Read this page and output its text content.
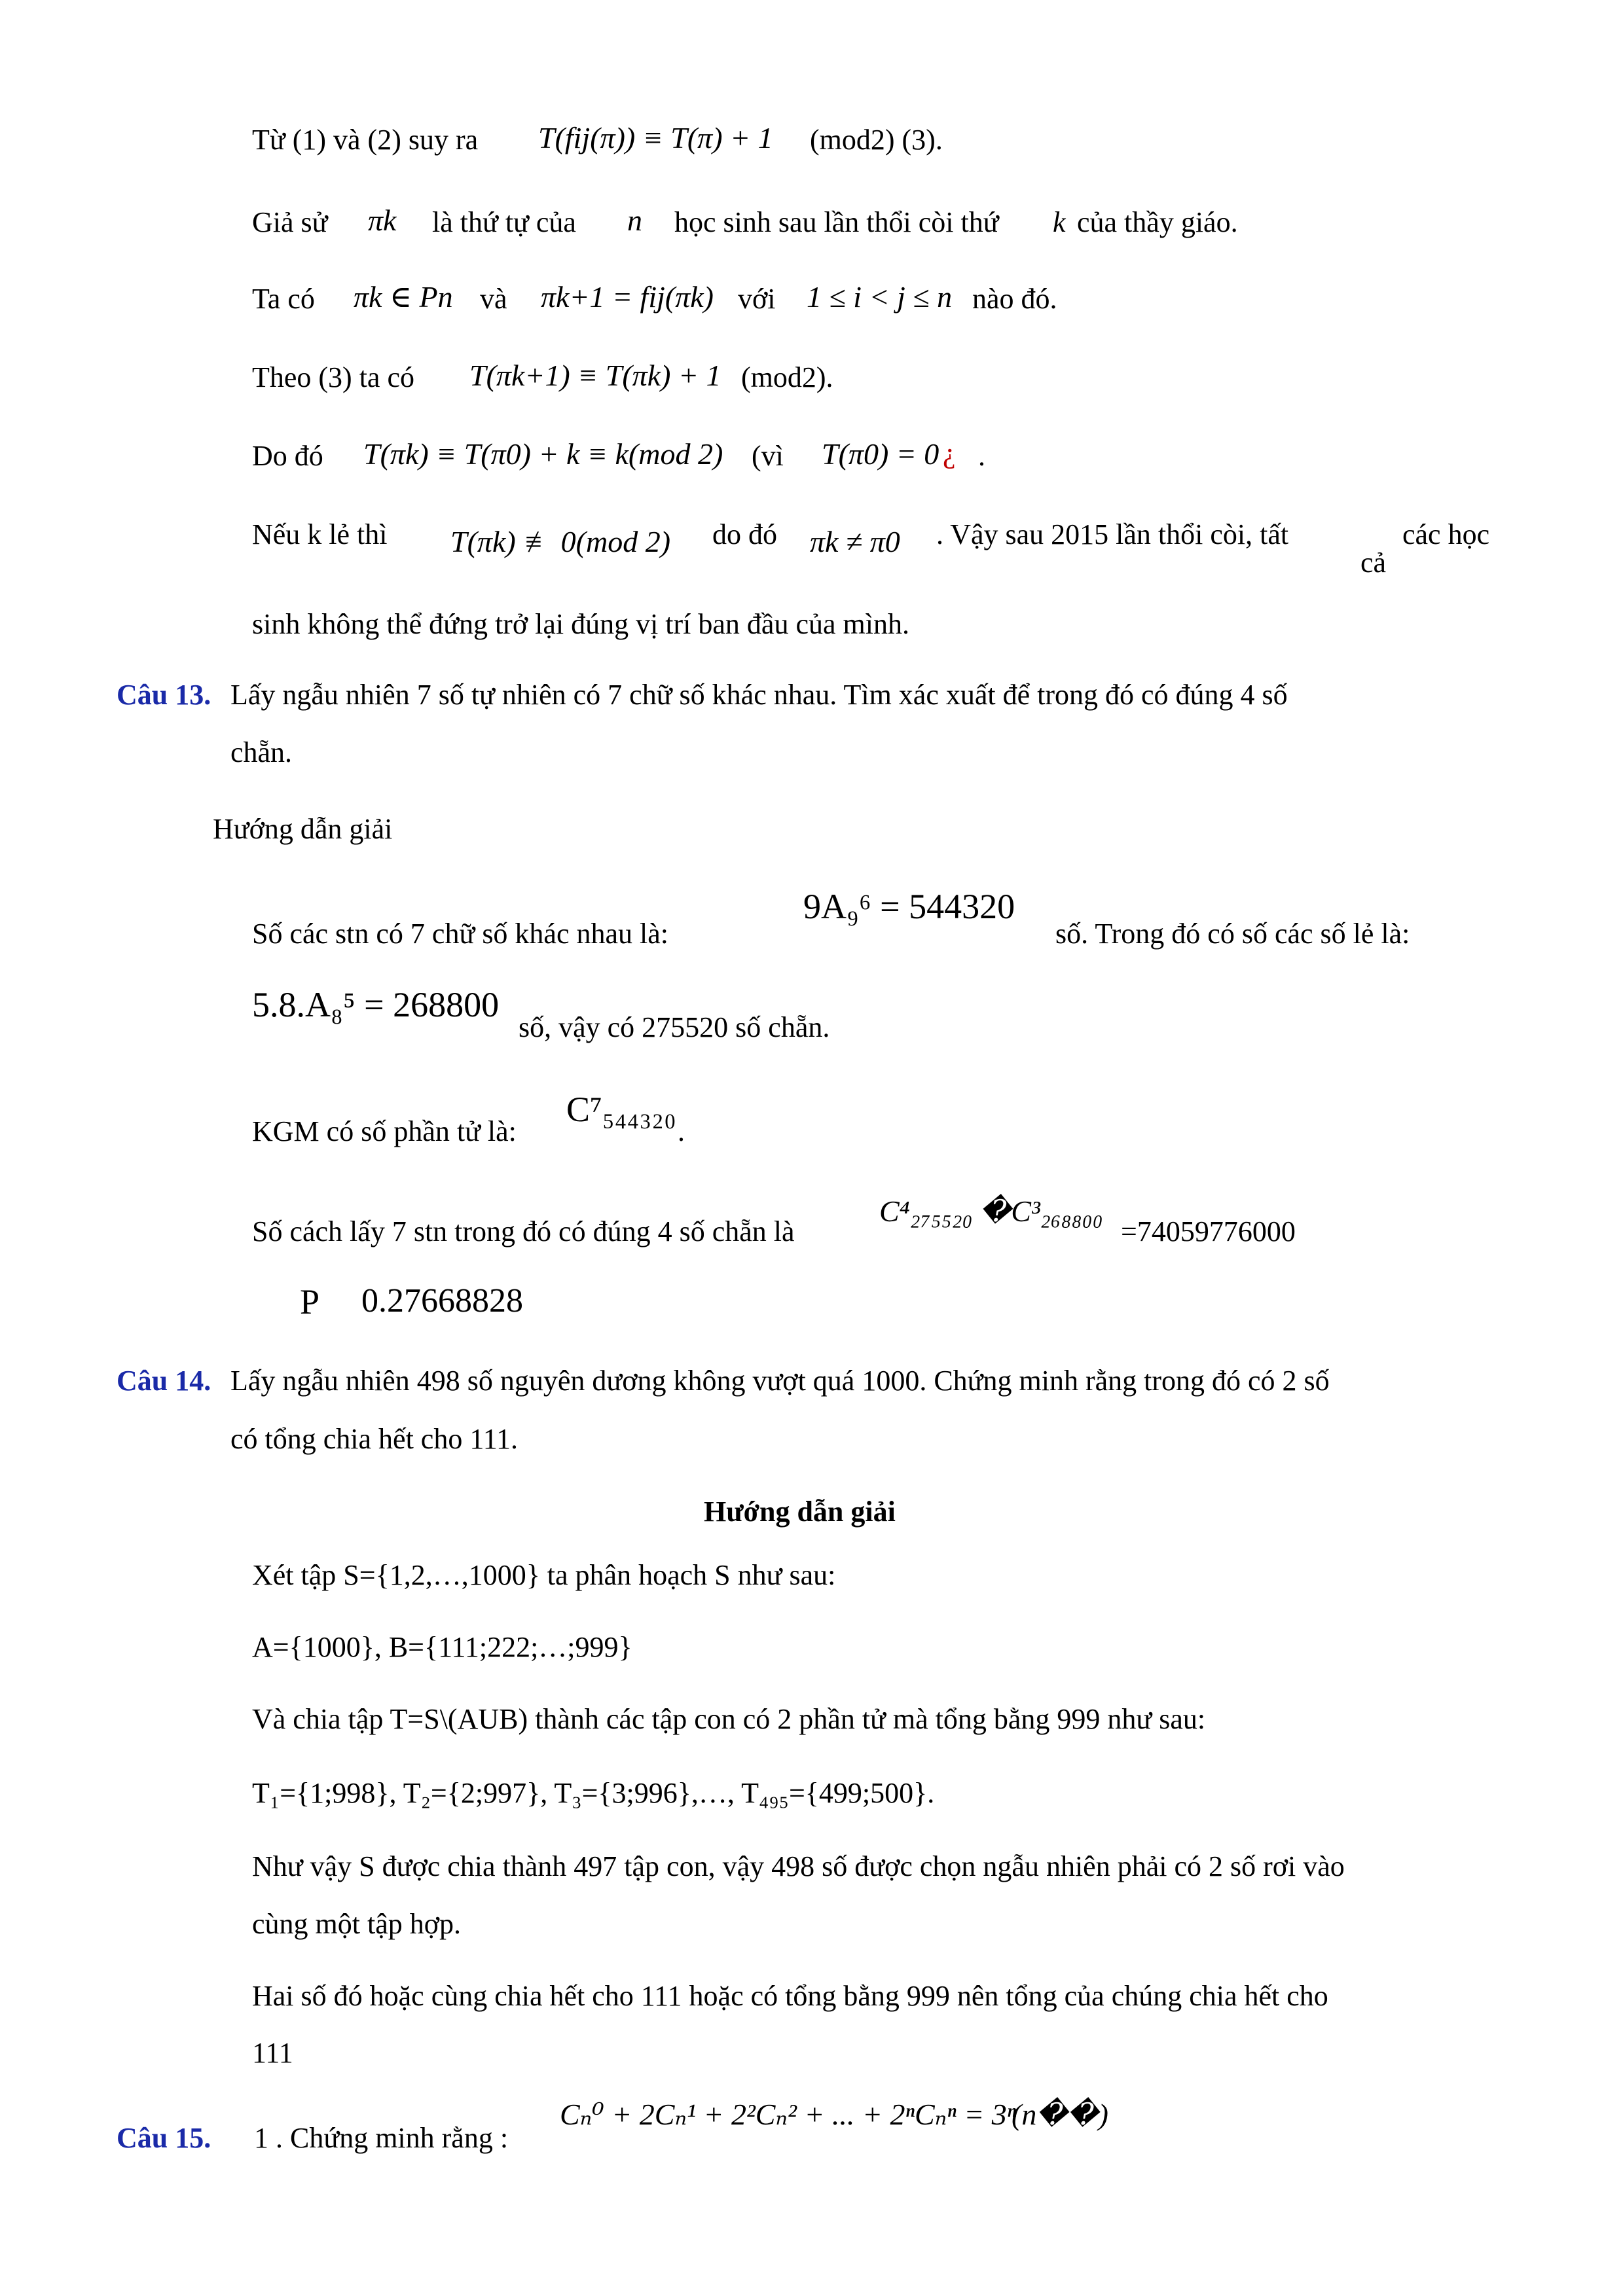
Từ (1) và (2) suy ra T(fij(π)) ≡ T(π) + 1 (mod2) (3).
Giả sử πk là thứ tự của n học sinh sau lần thổi còi thứ k của thầy giáo.
Ta có πk ∈ Pn và πk+1 = fij(πk) với 1 ≤ i < j ≤ n nào đó.
Theo (3) ta có T(πk+1) ≡ T(πk) + 1 (mod2).
Do đó T(πk) ≡ T(π0) + k ≡ k(mod 2) (vì T(π0) = 0 ¿ .
Nếu k lẻ thì T(πk) ≢ 0(mod 2) do đó πk ≠ π0 . Vậy sau 2015 lần thổi còi, tất
cả
các học
sinh không thể đứng trở lại đúng vị trí ban đầu của mình.
Câu 13. Lấy ngẫu nhiên 7 số tự nhiên có 7 chữ số khác nhau. Tìm xác xuất để trong đó có đúng 4 số
chẵn.
Hướng dẫn giải
Số các stn có 7 chữ số khác nhau là:
9A₉⁶ = 544320
số. Trong đó có số các số lẻ là:
5.8.A₈⁵ = 268800
số, vậy có 275520 số chẵn.
KGM có số phần tử là:
C⁷₅₄₄₃₂₀
.
Số cách lấy 7 stn trong đó có đúng 4 số chẵn là
C⁴₂₇₅₅₂₀ �C³₂₆₈₈₀₀
=74059776000
P 0.27668828
Câu 14. Lấy ngẫu nhiên 498 số nguyên dương không vượt quá 1000. Chứng minh rằng trong đó có 2 số
có tổng chia hết cho 111.
Hướng dẫn giải
Xét tập S={1,2,…,1000} ta phân hoạch S như sau:
A={1000}, B={111;222;…;999}
Và chia tập T=S\(AUB) thành các tập con có 2 phần tử mà tổng bằng 999 như sau:
T₁={1;998}, T₂={2;997}, T₃={3;996},…, T₄₉₅={499;500}.
Như vậy S được chia thành 497 tập con, vậy 498 số được chọn ngẫu nhiên phải có 2 số rơi vào
cùng một tập hợp.
Hai số đó hoặc cùng chia hết cho 111 hoặc có tổng bằng 999 nên tổng của chúng chia hết cho
111
Câu 15. 1 . Chứng minh rằng :
Cₙ⁰ + 2Cₙ¹ + 2²Cₙ² + ... + 2ⁿCₙⁿ = 3ⁿ
(n��)
